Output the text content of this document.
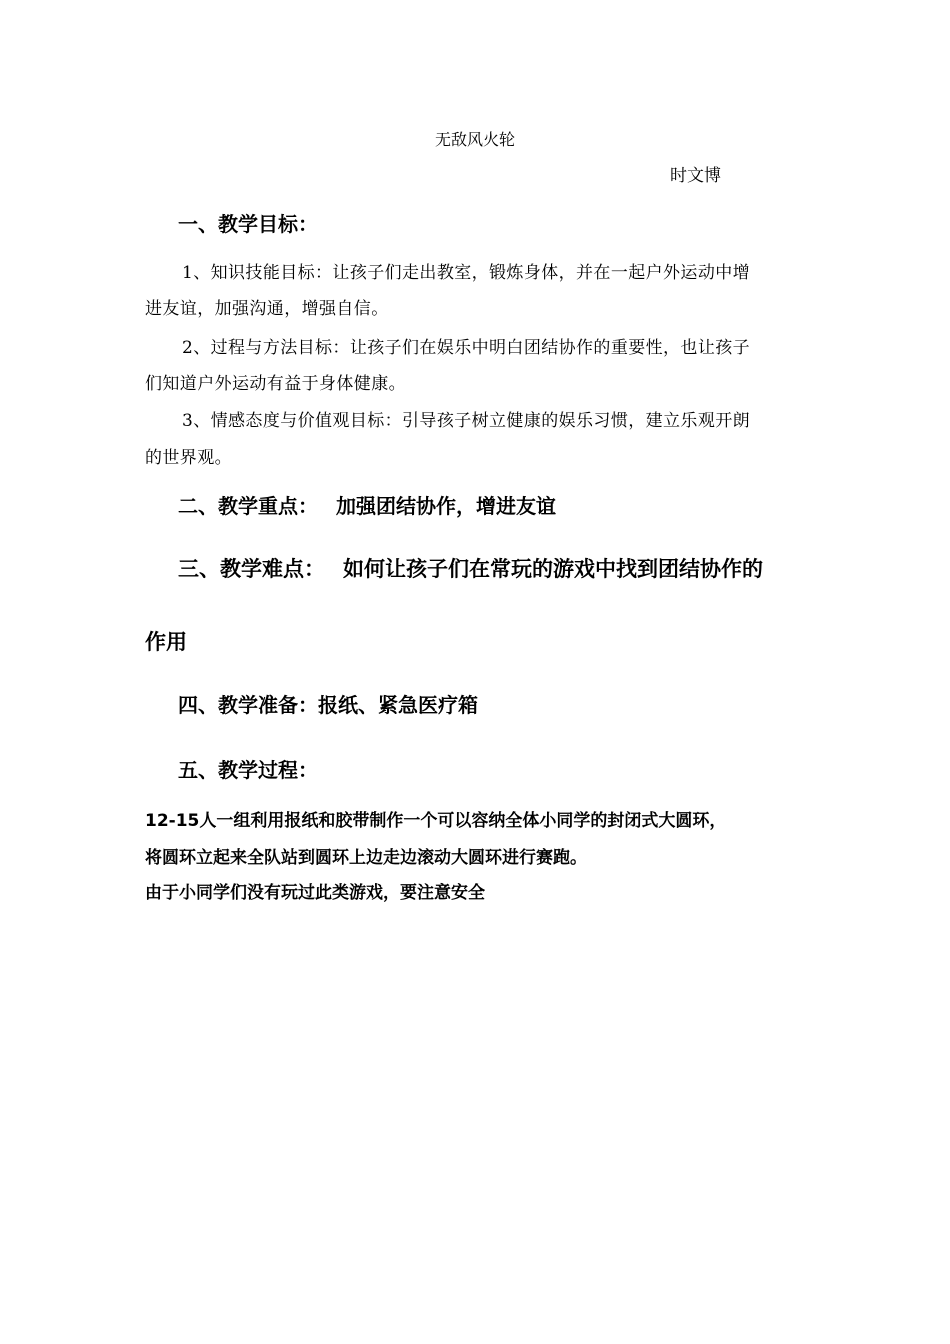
无敌风火轮

时文博

一、教学目标：

1、知识技能目标：让孩子们走出教室，锻炼身体，并在一起户外运动中增

进友谊，加强沟通，增强自信。

2、过程与方法目标：让孩子们在娱乐中明白团结协作的重要性，也让孩子

们知道户外运动有益于身体健康。

3、情感态度与价值观目标：引导孩子树立健康的娱乐习惯，建立乐观开朗

的世界观。

二、教学重点： 加强团结协作，增进友谊

三、教学难点： 如何让孩子们在常玩的游戏中找到团结协作的

作用

四、教学准备：报纸、紧急医疗箱

五、教学过程：

12-15人一组利用报纸和胶带制作一个可以容纳全体小同学的封闭式大圆环，

将圆环立起来全队站到圆环上边走边滚动大圆环进行赛跑。

由于小同学们没有玩过此类游戏，要注意安全
